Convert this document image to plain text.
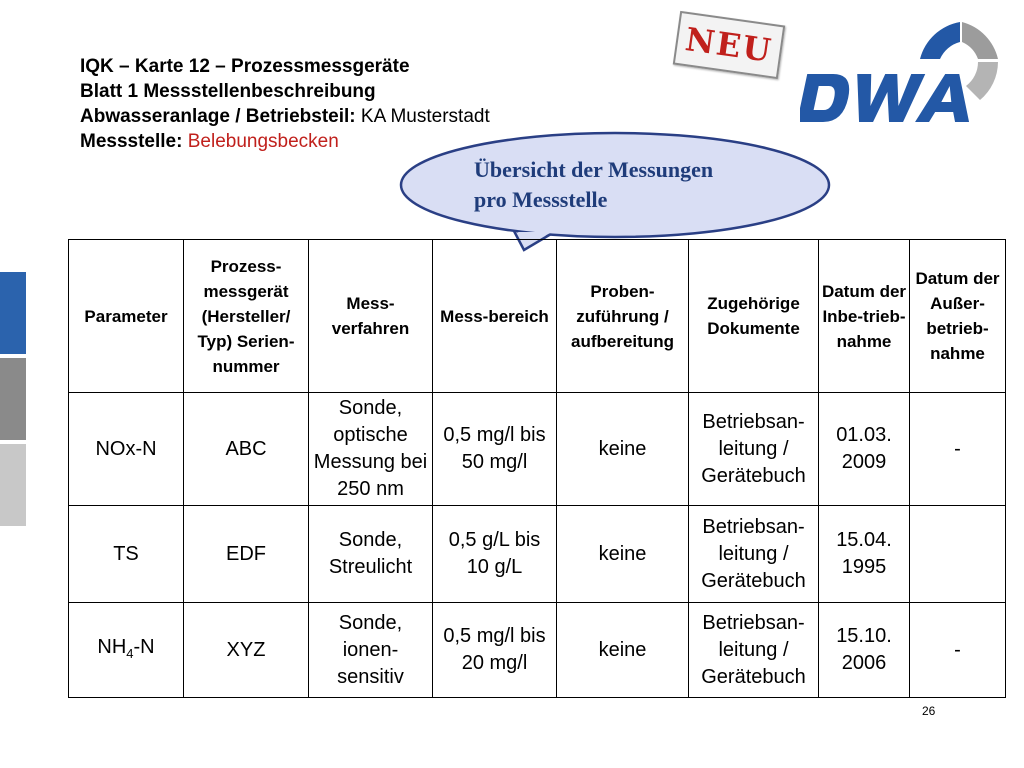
IQK – Karte 12 – Prozessmessgeräte
Blatt 1 Messstellenbeschreibung
Abwasseranlage / Betriebsteil: KA Musterstadt
Messstelle: Belebungsbecken
NEU
Übersicht der Messungen
pro Messstelle
Parameter	Prozess-messgerät (Hersteller/ Typ) Serien-nummer	Mess-verfahren	Mess-bereich	Proben-zuführung / aufbereitung	Zugehörige Dokumente	Datum der Inbe-trieb-nahme	Datum der Außer-betrieb-nahme
NOx-N	ABC	Sonde, optische Messung bei 250 nm	0,5 mg/l bis 50 mg/l	keine	Betriebsan-leitung / Gerätebuch	01.03. 2009	-
TS	EDF	Sonde, Streulicht	0,5 g/L bis 10 g/L	keine	Betriebsan-leitung / Gerätebuch	15.04. 1995	
$NH_4-N$	XYZ	Sonde, ionen-sensitiv	0,5 mg/l bis 20 mg/l	keine	Betriebsan-leitung / Gerätebuch	15.10. 2006	-
26
